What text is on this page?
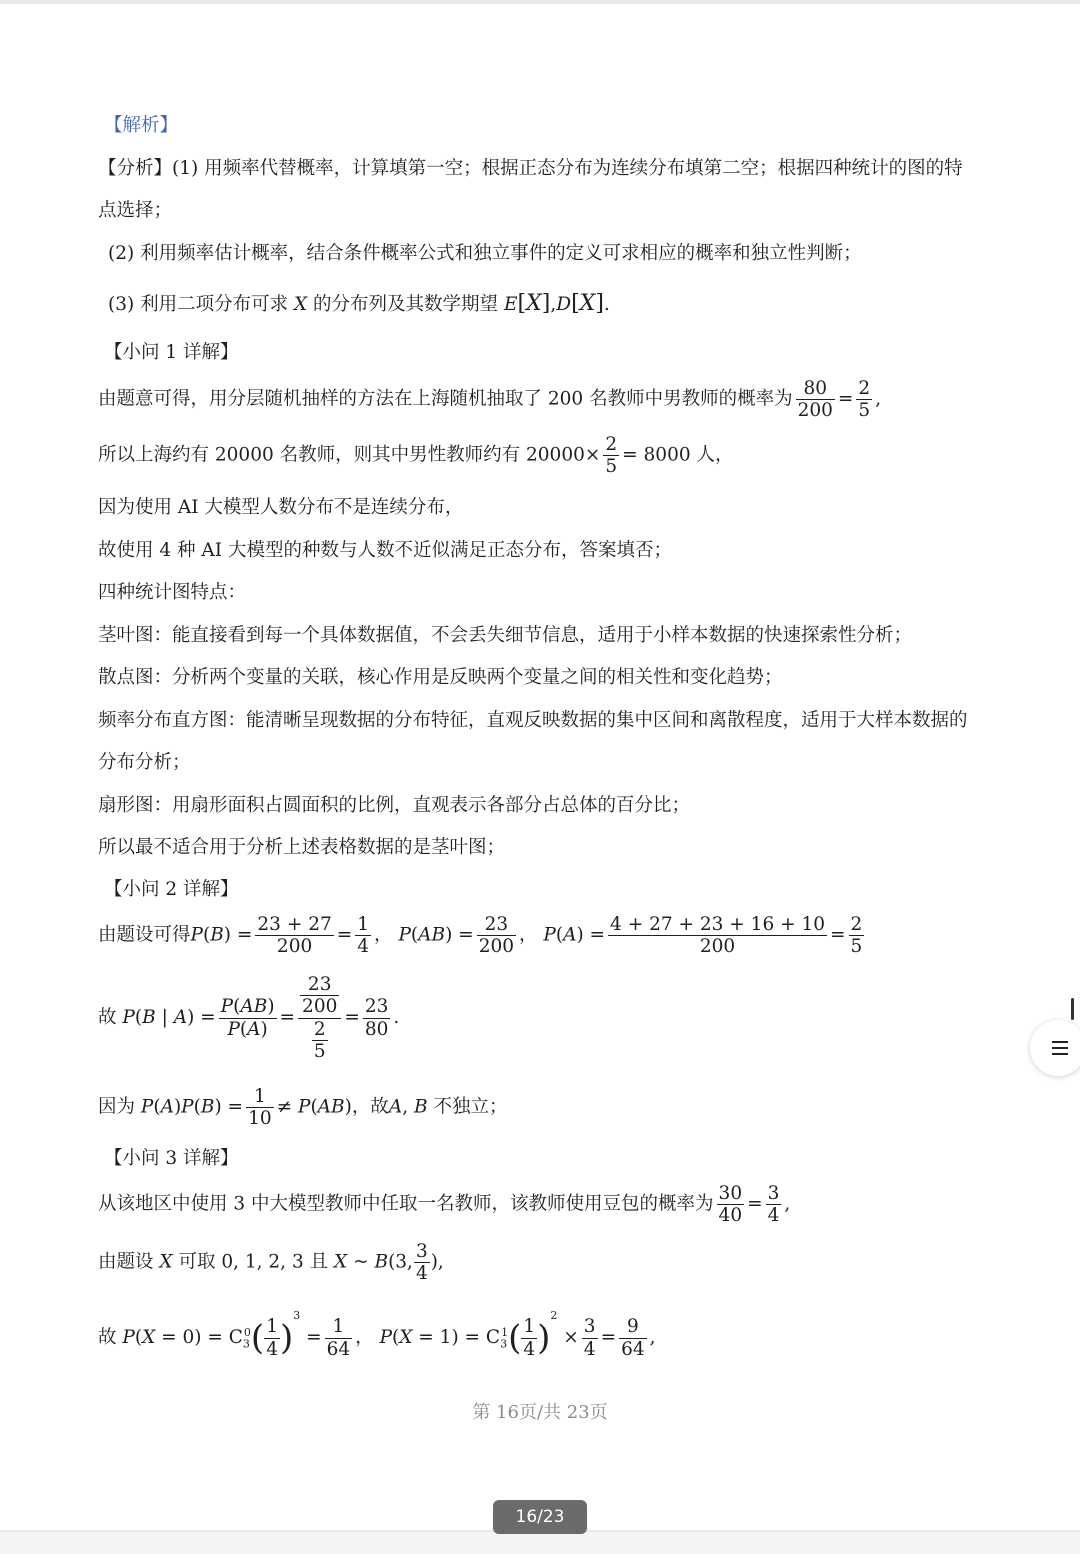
【解析】
【分析】(1) 用频率代替概率，计算填第一空；根据正态分布为连续分布填第二空；根据四种统计的图的特
点选择；
(2) 利用频率估计概率，结合条件概率公式和独立事件的定义可求相应的概率和独立性判断；
(3) 利用二项分布可求 X 的分布列及其数学期望 E[X],D[X].
【小问 1 详解】
由题意可得，用分层随机抽样的方法在上海随机抽取了 200 名教师中男教师的概率为 $\frac{80}{200} = \frac{2}{5}$ ,
所以上海约有 20000 名教师，则其中男性教师约有 $20000\times \frac{2}{5} = 8000$ 人，
因为使用 AI 大模型人数分布不是连续分布，
故使用 4 种 AI 大模型的种数与人数不近似满足正态分布，答案填否；
四种统计图特点：
茎叶图：能直接看到每一个具体数据值，不会丢失细节信息，适用于小样本数据的快速探索性分析；
散点图：分析两个变量的关联，核心作用是反映两个变量之间的相关性和变化趋势；
频率分布直方图：能清晰呈现数据的分布特征，直观反映数据的集中区间和离散程度，适用于大样本数据的
分布分析；
扇形图：用扇形面积占圆面积的比例，直观表示各部分占总体的百分比；
所以最不适合用于分析上述表格数据的是茎叶图；
【小问 2 详解】
由题设可得$P(B) = \frac{23 + 27}{200} = \frac{1}{4}$ ， $P(AB) = \frac{23}{200}$ ， $P(A) = \frac{4 + 27 + 23 + 16 + 10}{200} = \frac{2}{5}$
故 P(B | $A) = \frac{P(AB)}{P(A)} = \frac{\frac{23}{200}}{\frac{2}{5}} = \frac{23}{80}$ .
因为 $P(A)P(B) = \frac{1}{10} \ne P(AB)$，故A, B 不独立；
【小问 3 详解】
从该地区中使用 3 中大模型教师中任取一名教师，该教师使用豆包的概率为 $\frac{30}{40} = \frac{3}{4}$ ,
由题设 X 可取 0, 1, 2, 3 且 X ~ B(3, $\frac{3}{4}$ ),
故 $P(X = 0) = C_3^0( \frac{1}{4} )^3 = \frac{1}{64}$ ， $P(X = 1) = C_3^1( \frac{1}{4} )^2 \times \frac{3}{4} = \frac{9}{64}$ ,
第 16页/共 23页
16/23
